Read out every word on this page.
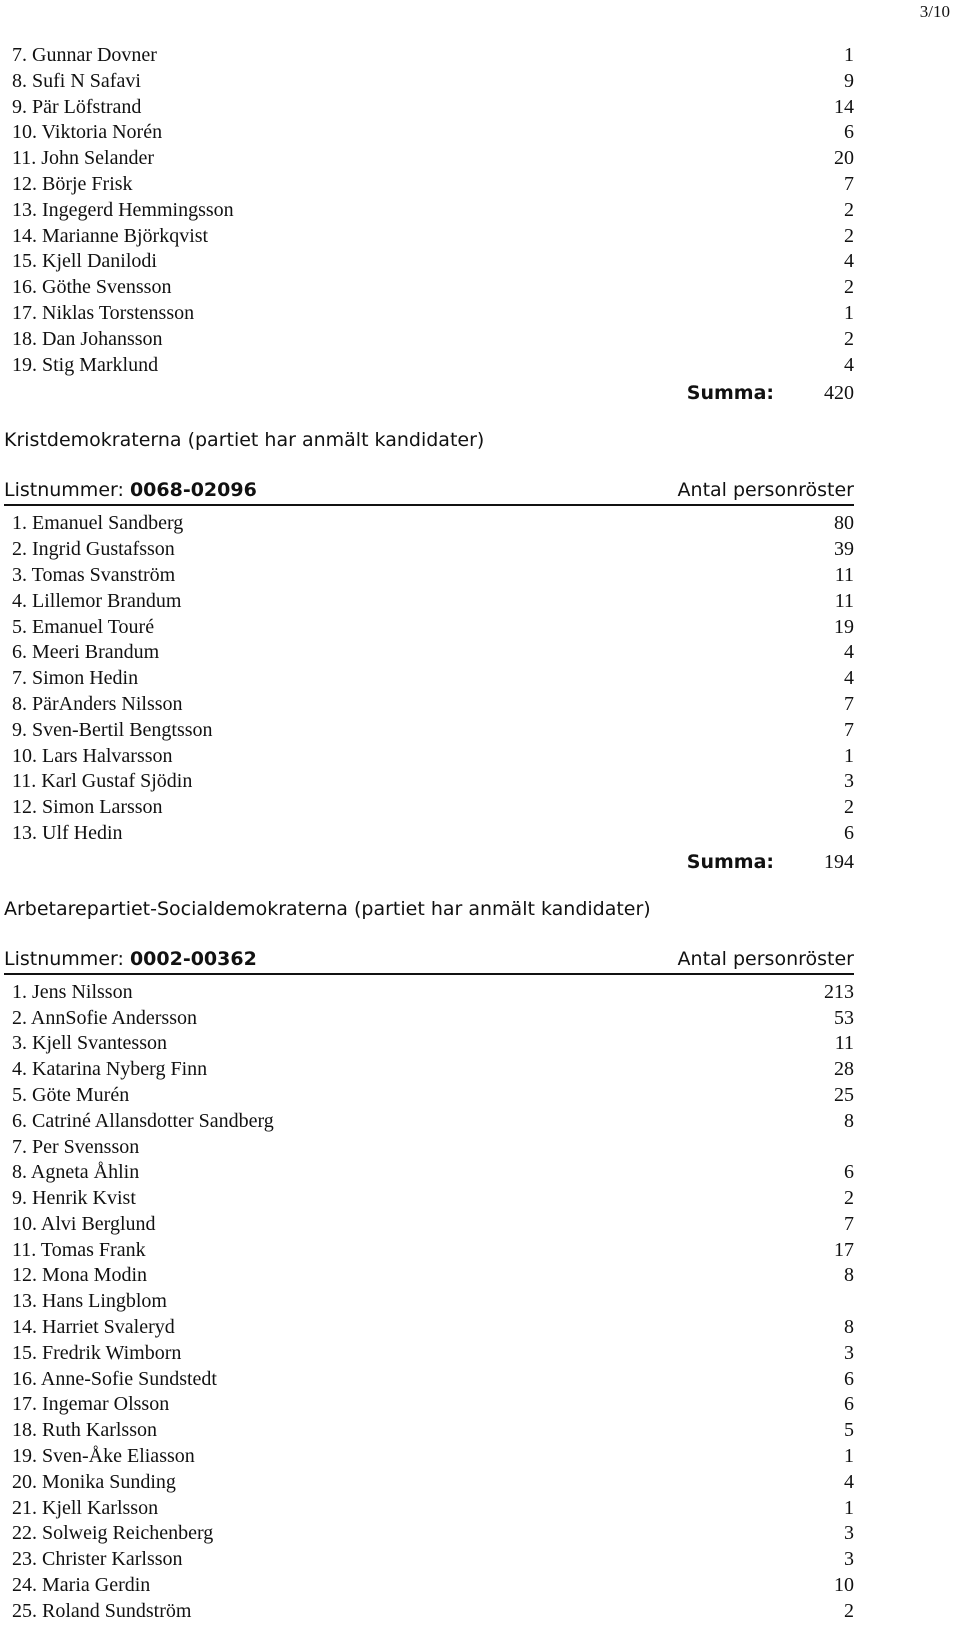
3/10
7. Gunnar Dovner	1
8. Sufi N Safavi	9
9. Pär Löfstrand	14
10. Viktoria Norén	6
11. John Selander	20
12. Börje Frisk	7
13. Ingegerd Hemmingsson	2
14. Marianne Björkqvist	2
15. Kjell Danilodi	4
16. Göthe Svensson	2
17. Niklas Torstensson	1
18. Dan Johansson	2
19. Stig Marklund	4
Summa:	420
Kristdemokraterna (partiet har anmält kandidater)
Listnummer: 0068-02096	Antal personröster
1. Emanuel Sandberg	80
2. Ingrid Gustafsson	39
3. Tomas Svanström	11
4. Lillemor Brandum	11
5. Emanuel Touré	19
6. Meeri Brandum	4
7. Simon Hedin	4
8. PärAnders Nilsson	7
9. Sven-Bertil Bengtsson	7
10. Lars Halvarsson	1
11. Karl Gustaf Sjödin	3
12. Simon Larsson	2
13. Ulf Hedin	6
Summa:	194
Arbetarepartiet-Socialdemokraterna (partiet har anmält kandidater)
Listnummer: 0002-00362	Antal personröster
1. Jens Nilsson	213
2. AnnSofie Andersson	53
3. Kjell Svantesson	11
4. Katarina Nyberg Finn	28
5. Göte Murén	25
6. Catriné Allansdotter Sandberg	8
7. Per Svensson
8. Agneta Åhlin	6
9. Henrik Kvist	2
10. Alvi Berglund	7
11. Tomas Frank	17
12. Mona Modin	8
13. Hans Lingblom
14. Harriet Svaleryd	8
15. Fredrik Wimborn	3
16. Anne-Sofie Sundstedt	6
17. Ingemar Olsson	6
18. Ruth Karlsson	5
19. Sven-Åke Eliasson	1
20. Monika Sunding	4
21. Kjell Karlsson	1
22. Solweig Reichenberg	3
23. Christer Karlsson	3
24. Maria Gerdin	10
25. Roland Sundström	2
